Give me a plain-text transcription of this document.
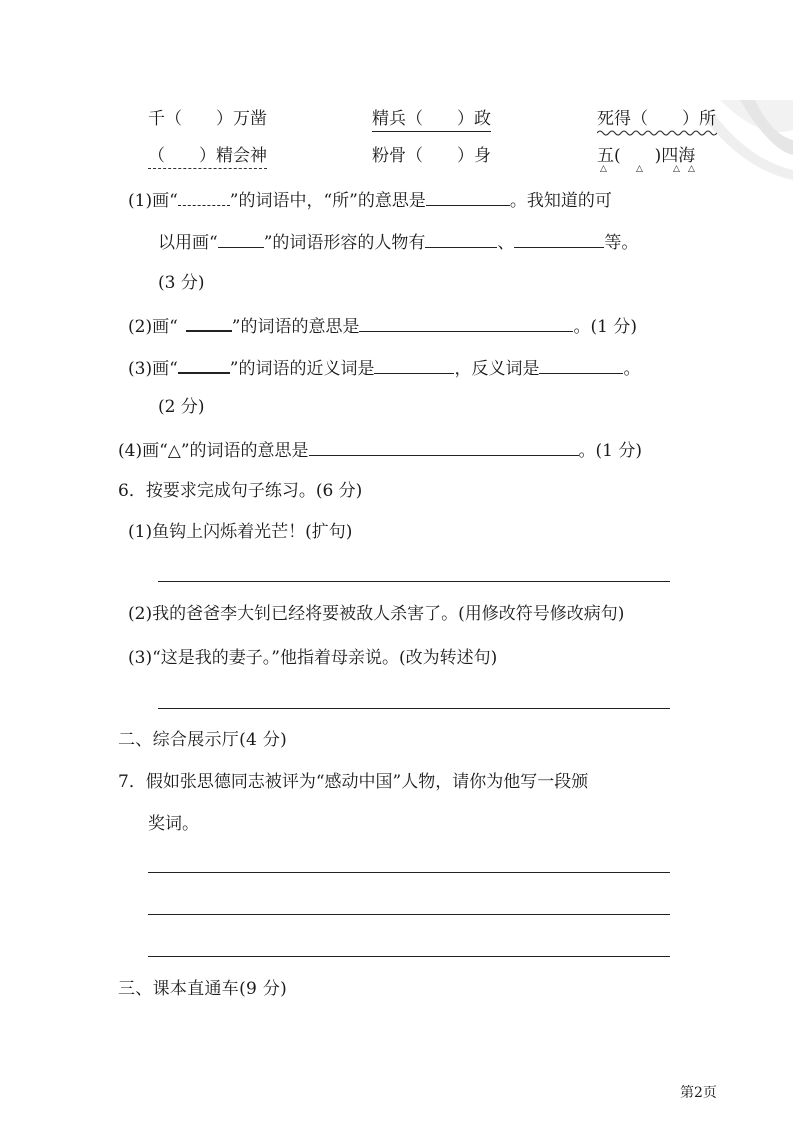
千（　　）万凿	精兵（　　）政	死得（　　）所
（　　）精会神	粉骨（　　）身	五(　　)四海
△	△	△ △
(1)画“	”的词语中，“所”的意思是	。我知道的可
以用画“	”的词语形容的人物有	、	等。
(3 分)
(2)画“	”的词语的意思是	。(1 分)
(3)画“	”的词语的近义词是	，反义词是	。
(2 分)
(4)画“△”的词语的意思是	。(1 分)
6．按要求完成句子练习。(6 分)
(1)鱼钩上闪烁着光芒！(扩句)
(2)我的爸爸李大钊已经将要被敌人杀害了。(用修改符号修改病句)
(3)“这是我的妻子。”他指着母亲说。(改为转述句)
二、综合展示厅(4 分)
7．假如张思德同志被评为“感动中国”人物，请你为他写一段颁
奖词。
三、课本直通车(9 分)
第2页
